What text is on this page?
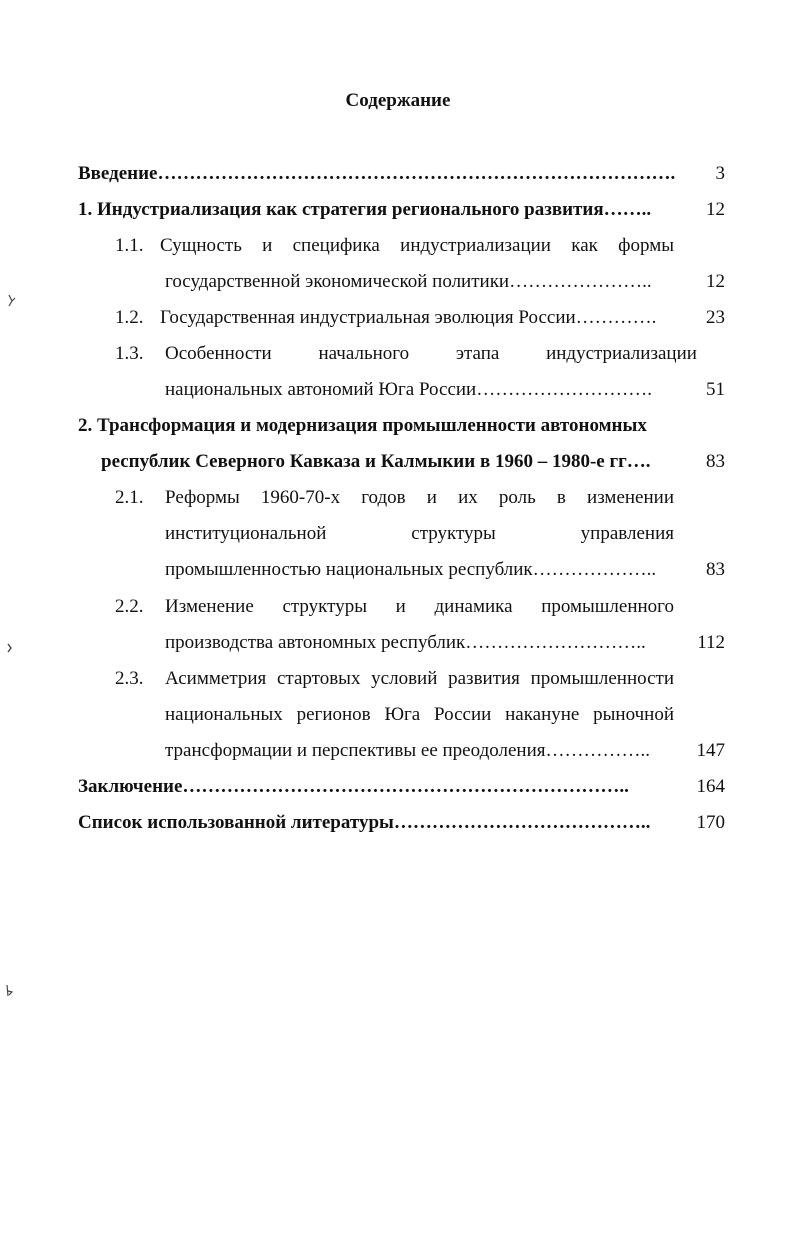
Содержание
Введение……………………………………………………………………….	3
1. Индустриализация как стратегия регионального развития……..	12
1.1. Сущность и специфика индустриализации как формы
государственной экономической политики…………………..	12
1.2. Государственная индустриальная эволюция России………….	23
1.3. Особенности начального этапа индустриализации
национальных автономий Юга России……………………….	51
2. Трансформация и модернизация промышленности автономных
республик Северного Кавказа и Калмыкии в 1960 – 1980-е гг….	83
2.1. Реформы 1960-70-х годов и их роль в изменении
институциональной структуры управления
промышленностью национальных республик………………..	83
2.2. Изменение структуры и динамика промышленного
производства автономных республик………………………..	112
2.3. Асимметрия стартовых условий развития промышленности
национальных регионов Юга России накануне рыночной
трансформации и перспективы ее преодоления……………..	147
Заключение……………………………………………………………..	164
Список использованной литературы…………………………………..	170
